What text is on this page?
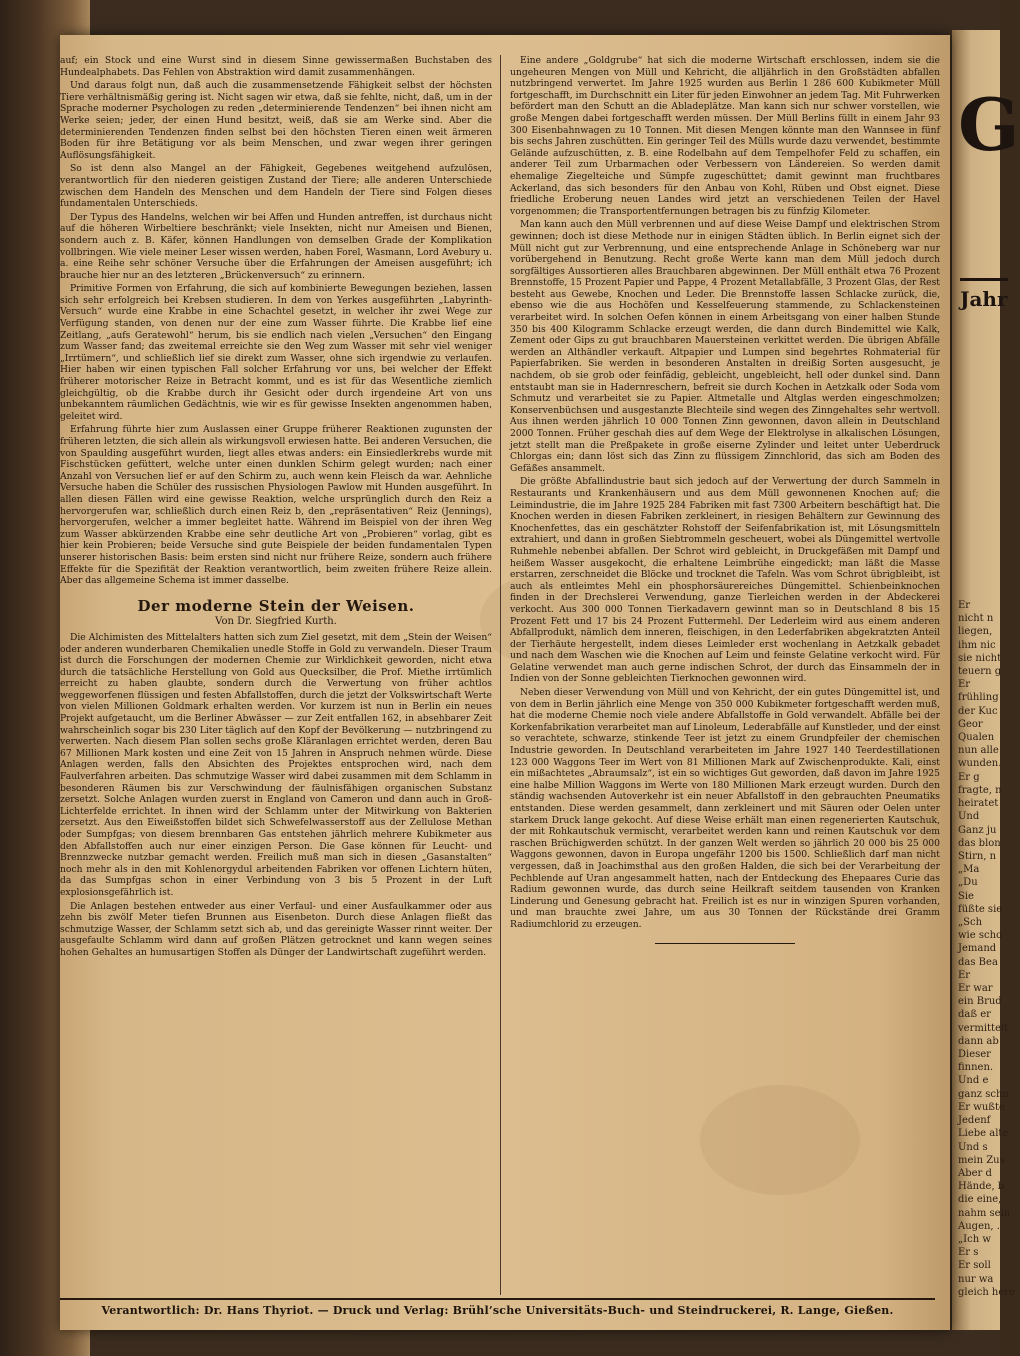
G
Jahr
Er
nicht n
liegen,
ihm nic
sie nicht
teuern g
Er
frühling
der Kuc
Geor
Qualen
nun alle
wunden.
Er g
fragte, n
heiratet
Und
Ganz ju
das blon
Stirn, n
„Ma
„Du
Sie
füßte sie
„Sch
wie scho
Jemand
das Bea
Er
Er war
ein Brud
daß er
vermittelt
dann ab
Dieser
finnen.
Und e
ganz schn
Er wußte
Jedenf
Liebe alte
Und s
mein Zus
Aber d
Hände, b
die eine,
nahm sein
Augen, .
„Ich w
Er s
Er soll
nur wa
gleich here

auf; ein Stock und eine Wurst sind in diesem Sinne gewissermaßen Buchstaben des Hundealphabets. Das Fehlen von Abstraktion wird damit zusammenhängen.

Und daraus folgt nun, daß auch die zusammensetzende Fähigkeit selbst der höchsten Tiere verhältnismäßig gering ist. Nicht sagen wir etwa, daß sie fehlte, nicht, daß, um in der Sprache moderner Psychologen zu reden „determinierende Tendenzen“ bei ihnen nicht am Werke seien; jeder, der einen Hund besitzt, weiß, daß sie am Werke sind. Aber die determinierenden Tendenzen finden selbst bei den höchsten Tieren einen weit ärmeren Boden für ihre Betätigung vor als beim Menschen, und zwar wegen ihrer geringen Auflösungsfähigkeit.

So ist denn also Mangel an der Fähigkeit, Gegebenes weitgehend aufzulösen, verantwortlich für den niederen geistigen Zustand der Tiere; alle anderen Unterschiede zwischen dem Handeln des Menschen und dem Handeln der Tiere sind Folgen dieses fundamentalen Unterschieds.

Der Typus des Handelns, welchen wir bei Affen und Hunden antreffen, ist durchaus nicht auf die höheren Wirbeltiere beschränkt; viele Insekten, nicht nur Ameisen und Bienen, sondern auch z. B. Käfer, können Handlungen von demselben Grade der Komplikation vollbringen. Wie viele meiner Leser wissen werden, haben Forel, Wasmann, Lord Avebury u. a. eine Reihe sehr schöner Versuche über die Erfahrungen der Ameisen ausgeführt; ich brauche hier nur an des letzteren „Brückenversuch“ zu erinnern.

Primitive Formen von Erfahrung, die sich auf kombinierte Bewegungen beziehen, lassen sich sehr erfolgreich bei Krebsen studieren. In dem von Yerkes ausgeführten „Labyrinth-Versuch“ wurde eine Krabbe in eine Schachtel gesetzt, in welcher ihr zwei Wege zur Verfügung standen, von denen nur der eine zum Wasser führte. Die Krabbe lief eine Zeitlang, „aufs Geratewohl“ herum, bis sie endlich nach vielen „Versuchen“ den Eingang zum Wasser fand; das zweitemal erreichte sie den Weg zum Wasser mit sehr viel weniger „Irrtümern“, und schließlich lief sie direkt zum Wasser, ohne sich irgendwie zu verlaufen. Hier haben wir einen typischen Fall solcher Erfahrung vor uns, bei welcher der Effekt früherer motorischer Reize in Betracht kommt, und es ist für das Wesentliche ziemlich gleichgültig, ob die Krabbe durch ihr Gesicht oder durch irgendeine Art von uns unbekanntem räumlichen Gedächtnis, wie wir es für gewisse Insekten angenommen haben, geleitet wird.

Erfahrung führte hier zum Auslassen einer Gruppe früherer Reaktionen zugunsten der früheren letzten, die sich allein als wirkungsvoll erwiesen hatte. Bei anderen Versuchen, die von Spaulding ausgeführt wurden, liegt alles etwas anders: ein Einsiedlerkrebs wurde mit Fischstücken gefüttert, welche unter einen dunklen Schirm gelegt wurden; nach einer Anzahl von Versuchen lief er auf den Schirm zu, auch wenn kein Fleisch da war. Aehnliche Versuche haben die Schüler des russischen Physiologen Pawlow mit Hunden ausgeführt. In allen diesen Fällen wird eine gewisse Reaktion, welche ursprünglich durch den Reiz a hervorgerufen war, schließlich durch einen Reiz b, den „repräsentativen“ Reiz (Jennings), hervorgerufen, welcher a immer begleitet hatte. Während im Beispiel von der ihren Weg zum Wasser abkürzenden Krabbe eine sehr deutliche Art von „Probieren“ vorlag, gibt es hier kein Probieren; beide Versuche sind gute Beispiele der beiden fundamentalen Typen unserer historischen Basis: beim ersten sind nicht nur frühere Reize, sondern auch frühere Effekte für die Spezifität der Reaktion verantwortlich, beim zweiten frühere Reize allein. Aber das allgemeine Schema ist immer dasselbe.

Der moderne Stein der Weisen.
Von Dr. Siegfried Kurth.

Die Alchimisten des Mittelalters hatten sich zum Ziel gesetzt, mit dem „Stein der Weisen“ oder anderen wunderbaren Chemikalien unedle Stoffe in Gold zu verwandeln. Dieser Traum ist durch die Forschungen der modernen Chemie zur Wirklichkeit geworden, nicht etwa durch die tatsächliche Herstellung von Gold aus Quecksilber, die Prof. Miethe irrtümlich erreicht zu haben glaubte, sondern durch die Verwertung von früher achtlos weggeworfenen flüssigen und festen Abfallstoffen, durch die jetzt der Volkswirtschaft Werte von vielen Millionen Goldmark erhalten werden. Vor kurzem ist nun in Berlin ein neues Projekt aufgetaucht, um die Berliner Abwässer — zur Zeit entfallen 162, in absehbarer Zeit wahrscheinlich sogar bis 230 Liter täglich auf den Kopf der Bevölkerung — nutzbringend zu verwerten. Nach diesem Plan sollen sechs große Kläranlagen errichtet werden, deren Bau 67 Millionen Mark kosten und eine Zeit von 15 Jahren in Anspruch nehmen würde. Diese Anlagen werden, falls den Absichten des Projektes entsprochen wird, nach dem Faulverfahren arbeiten. Das schmutzige Wasser wird dabei zusammen mit dem Schlamm in besonderen Räumen bis zur Verschwindung der fäulnisfähigen organischen Substanz zersetzt. Solche Anlagen wurden zuerst in England von Cameron und dann auch in Groß-Lichterfelde errichtet. In ihnen wird der Schlamm unter der Mitwirkung von Bakterien zersetzt. Aus den Eiweißstoffen bildet sich Schwefelwasserstoff aus der Zellulose Methan oder Sumpfgas; von diesem brennbaren Gas entstehen jährlich mehrere Kubikmeter aus den Abfallstoffen auch nur einer einzigen Person. Die Gase können für Leucht- und Brennzwecke nutzbar gemacht werden. Freilich muß man sich in diesen „Gasanstalten“ noch mehr als in den mit Kohlenorgydul arbeitenden Fabriken vor offenen Lichtern hüten, da das Sumpfgas schon in einer Verbindung von 3 bis 5 Prozent in der Luft explosionsgefährlich ist.

Die Anlagen bestehen entweder aus einer Verfaul- und einer Ausfaulkammer oder aus zehn bis zwölf Meter tiefen Brunnen aus Eisenbeton. Durch diese Anlagen fließt das schmutzige Wasser, der Schlamm setzt sich ab, und das gereinigte Wasser rinnt weiter. Der ausgefaulte Schlamm wird dann auf großen Plätzen getrocknet und kann wegen seines hohen Gehaltes an humusartigen Stoffen als Dünger der Landwirtschaft zugeführt werden.

Eine andere „Goldgrube“ hat sich die moderne Wirtschaft erschlossen, indem sie die ungeheuren Mengen von Müll und Kehricht, die alljährlich in den Großstädten abfallen nutzbringend verwertet. Im Jahre 1925 wurden aus Berlin 1 286 600 Kubikmeter Müll fortgeschafft, im Durchschnitt ein Liter für jeden Einwohner an jedem Tag. Mit Fuhrwerken befördert man den Schutt an die Abladeplätze. Man kann sich nur schwer vorstellen, wie große Mengen dabei fortgeschafft werden müssen. Der Müll Berlins füllt in einem Jahr 93 300 Eisenbahnwagen zu 10 Tonnen. Mit diesen Mengen könnte man den Wannsee in fünf bis sechs Jahren zuschütten. Ein geringer Teil des Mülls wurde dazu verwendet, bestimmte Gelände aufzuschütten, z. B. eine Rodelbahn auf dem Tempelhofer Feld zu schaffen, ein anderer Teil zum Urbarmachen oder Verbessern von Ländereien. So werden damit ehemalige Ziegelteiche und Sümpfe zugeschüttet; damit gewinnt man fruchtbares Ackerland, das sich besonders für den Anbau von Kohl, Rüben und Obst eignet. Diese friedliche Eroberung neuen Landes wird jetzt an verschiedenen Teilen der Havel vorgenommen; die Transportentfernungen betragen bis zu fünfzig Kilometer.

Man kann auch den Müll verbrennen und auf diese Weise Dampf und elektrischen Strom gewinnen; doch ist diese Methode nur in einigen Städten üblich. In Berlin eignet sich der Müll nicht gut zur Verbrennung, und eine entsprechende Anlage in Schöneberg war nur vorübergehend in Benutzung. Recht große Werte kann man dem Müll jedoch durch sorgfältiges Aussortieren alles Brauchbaren abgewinnen. Der Müll enthält etwa 76 Prozent Brennstoffe, 15 Prozent Papier und Pappe, 4 Prozent Metallabfälle, 3 Prozent Glas, der Rest besteht aus Gewebe, Knochen und Leder. Die Brennstoffe lassen Schlacke zurück, die, ebenso wie die aus Hochöfen und Kesselfeuerung stammende, zu Schlackensteinen verarbeitet wird. In solchen Oefen können in einem Arbeitsgang von einer halben Stunde 350 bis 400 Kilogramm Schlacke erzeugt werden, die dann durch Bindemittel wie Kalk, Zement oder Gips zu gut brauchbaren Mauersteinen verkittet werden. Die übrigen Abfälle werden an Althändler verkauft. Altpapier und Lumpen sind begehrtes Rohmaterial für Papierfabriken. Sie werden in besonderen Anstalten in dreißig Sorten ausgesucht, je nachdem, ob sie grob oder feinfädig, gebleicht, ungebleicht, hell oder dunkel sind. Dann entstaubt man sie in Hadernreschern, befreit sie durch Kochen in Aetzkalk oder Soda vom Schmutz und verarbeitet sie zu Papier. Altmetalle und Altglas werden eingeschmolzen; Konservenbüchsen und ausgestanzte Blechteile sind wegen des Zinngehaltes sehr wertvoll. Aus ihnen werden jährlich 10 000 Tonnen Zinn gewonnen, davon allein in Deutschland 2000 Tonnen. Früher geschah dies auf dem Wege der Elektrolyse in alkalischen Lösungen, jetzt stellt man die Preßpakete in große eiserne Zylinder und leitet unter Ueberdruck Chlorgas ein; dann löst sich das Zinn zu flüssigem Zinnchlorid, das sich am Boden des Gefäßes ansammelt.

Die größte Abfallindustrie baut sich jedoch auf der Verwertung der durch Sammeln in Restaurants und Krankenhäusern und aus dem Müll gewonnenen Knochen auf; die Leimindustrie, die im Jahre 1925 284 Fabriken mit fast 7300 Arbeitern beschäftigt hat. Die Knochen werden in diesen Fabriken zerkleinert, in riesigen Behältern zur Gewinnung des Knochenfettes, das ein geschätzter Rohstoff der Seifenfabrikation ist, mit Lösungsmitteln extrahiert, und dann in großen Siebtrommeln gescheuert, wobei als Düngemittel wertvolle Ruhmehle nebenbei abfallen. Der Schrot wird gebleicht, in Druckgefäßen mit Dampf und heißem Wasser ausgekocht, die erhaltene Leimbrühe eingedickt; man läßt die Masse erstarren, zerschneidet die Blöcke und trocknet die Tafeln. Was vom Schrot übrigbleibt, ist auch als entleimtes Mehl ein phosphorsäurereiches Düngemittel. Schienbeinknochen finden in der Drechslerei Verwendung, ganze Tierleichen werden in der Abdeckerei verkocht. Aus 300 000 Tonnen Tierkadavern gewinnt man so in Deutschland 8 bis 15 Prozent Fett und 17 bis 24 Prozent Futtermehl. Der Lederleim wird aus einem anderen Abfallprodukt, nämlich dem inneren, fleischigen, in den Lederfabriken abgekratzten Anteil der Tierhäute hergestellt, indem dieses Leimleder erst wochenlang in Aetzkalk gebadet und nach dem Waschen wie die Knochen auf Leim und feinste Gelatine verkocht wird. Für Gelatine verwendet man auch gerne indischen Schrot, der durch das Einsammeln der in Indien von der Sonne gebleichten Tierknochen gewonnen wird.

Neben dieser Verwendung von Müll und von Kehricht, der ein gutes Düngemittel ist, und von dem in Berlin jährlich eine Menge von 350 000 Kubikmeter fortgeschafft werden muß, hat die moderne Chemie noch viele andere Abfallstoffe in Gold verwandelt. Abfälle bei der Korkenfabrikation verarbeitet man auf Linoleum, Lederabfälle auf Kunstleder, und der einst so verachtete, schwarze, stinkende Teer ist jetzt zu einem Grundpfeiler der chemischen Industrie geworden. In Deutschland verarbeiteten im Jahre 1927 140 Teerdestillationen 123 000 Waggons Teer im Wert von 81 Millionen Mark auf Zwischenprodukte. Kali, einst ein mißachtetes „Abraumsalz“, ist ein so wichtiges Gut geworden, daß davon im Jahre 1925 eine halbe Million Waggons im Werte von 180 Millionen Mark erzeugt wurden. Durch den ständig wachsenden Autoverkehr ist ein neuer Abfallstoff in den gebrauchten Pneumatiks entstanden. Diese werden gesammelt, dann zerkleinert und mit Säuren oder Oelen unter starkem Druck lange gekocht. Auf diese Weise erhält man einen regenerierten Kautschuk, der mit Rohkautschuk vermischt, verarbeitet werden kann und reinen Kautschuk vor dem raschen Brüchigwerden schützt. In der ganzen Welt werden so jährlich 20 000 bis 25 000 Waggons gewonnen, davon in Europa ungefähr 1200 bis 1500. Schließlich darf man nicht vergessen, daß in Joachimsthal aus den großen Halden, die sich bei der Verarbeitung der Pechblende auf Uran angesammelt hatten, nach der Entdeckung des Ehepaares Curie das Radium gewonnen wurde, das durch seine Heilkraft seitdem tausenden von Kranken Linderung und Genesung gebracht hat. Freilich ist es nur in winzigen Spuren vorhanden, und man brauchte zwei Jahre, um aus 30 Tonnen der Rückstände drei Gramm Radiumchlorid zu erzeugen.

Verantwortlich: Dr. Hans Thyriot. — Druck und Verlag: Brühl’sche Universitäts-Buch- und Steindruckerei, R. Lange, Gießen.
